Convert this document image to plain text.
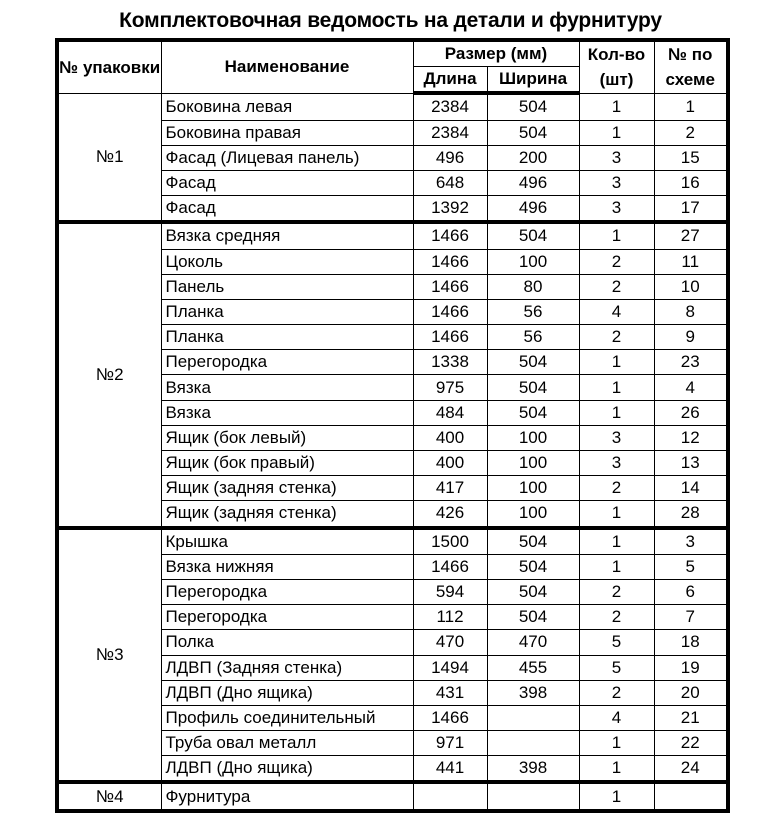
Комплектовочная ведомость на детали и фурнитуру
№ упаковки	Наименование	Размер (мм)		Кол-во (шт)	№ по схеме
		Длина	Ширина		
№1	Боковина левая	2384	504	1	1
	Боковина правая	2384	504	1	2
	Фасад (Лицевая панель)	496	200	3	15
	Фасад	648	496	3	16
	Фасад	1392	496	3	17
№2	Вязка средняя	1466	504	1	27
	Цоколь	1466	100	2	11
	Панель	1466	80	2	10
	Планка	1466	56	4	8
	Планка	1466	56	2	9
	Перегородка	1338	504	1	23
	Вязка	975	504	1	4
	Вязка	484	504	1	26
	Ящик (бок левый)	400	100	3	12
	Ящик (бок правый)	400	100	3	13
	Ящик (задняя стенка)	417	100	2	14
	Ящик (задняя стенка)	426	100	1	28
№3	Крышка	1500	504	1	3
	Вязка нижняя	1466	504	1	5
	Перегородка	594	504	2	6
	Перегородка	112	504	2	7
	Полка	470	470	5	18
	ЛДВП (Задняя стенка)	1494	455	5	19
	ЛДВП (Дно ящика)	431	398	2	20
	Профиль соединительный	1466		4	21
	Труба овал металл	971		1	22
	ЛДВП (Дно ящика)	441	398	1	24
№4	Фурнитура			1	
